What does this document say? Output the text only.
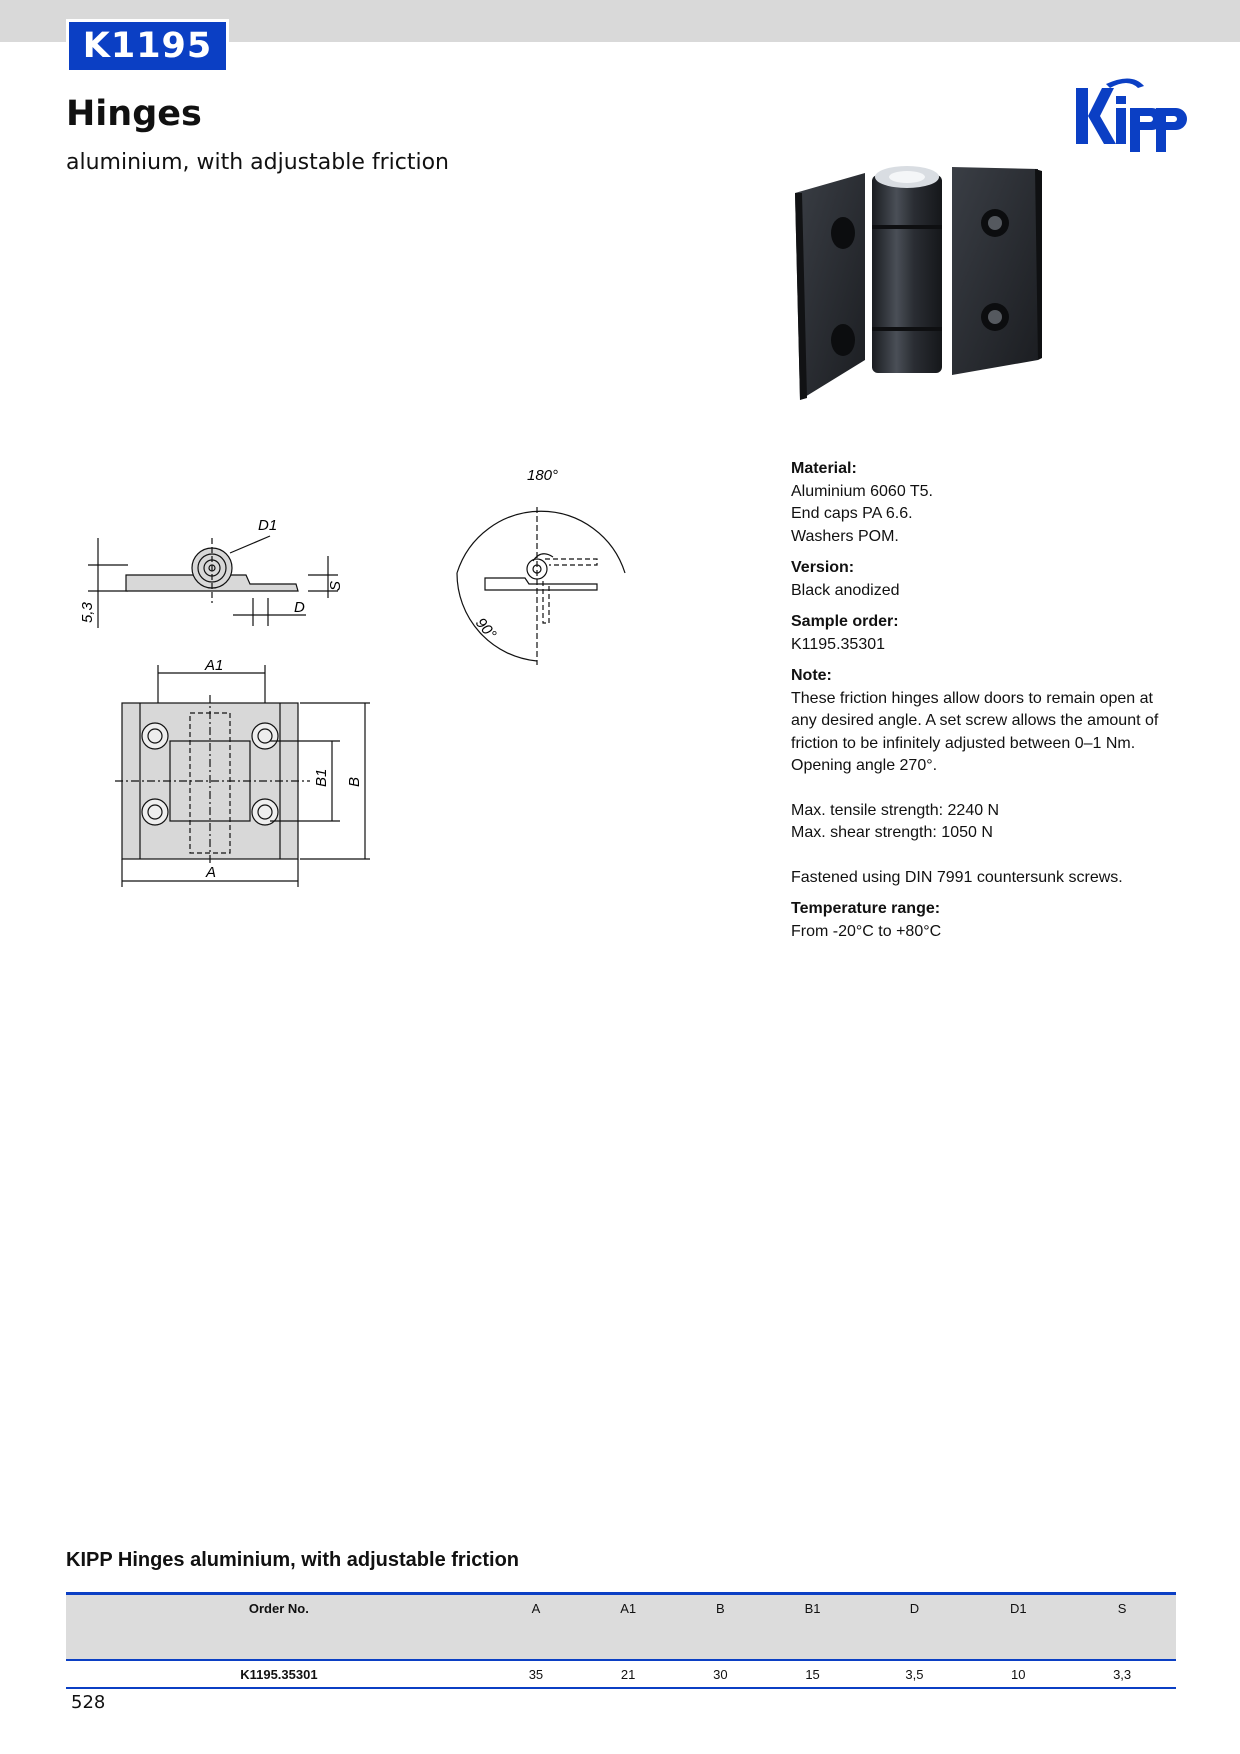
K1195
Hinges

aluminium, with adjustable friction

D1
S
D
5,3
180°
90°
A1
B1 B
A

Material:

Aluminium 6060 T5.

End caps PA 6.6.

Washers POM.

Version:

Black anodized

Sample order:

K1195.35301

Note:

These friction hinges allow doors to remain open at

any desired angle. A set screw allows the amount of

friction to be infinitely adjusted between 0–1 Nm.

Opening angle 270°.

Max. tensile strength: 2240 N

Max. shear strength: 1050 N

Fastened using DIN 7991 countersunk screws.

Temperature range:

From -20°C to +80°C

KIPP Hinges aluminium, with adjustable friction
Order No.	A	A1	B	B1	D	D1	S
K1195.35301	35	21	30	15	3,5	10	3,3
528
